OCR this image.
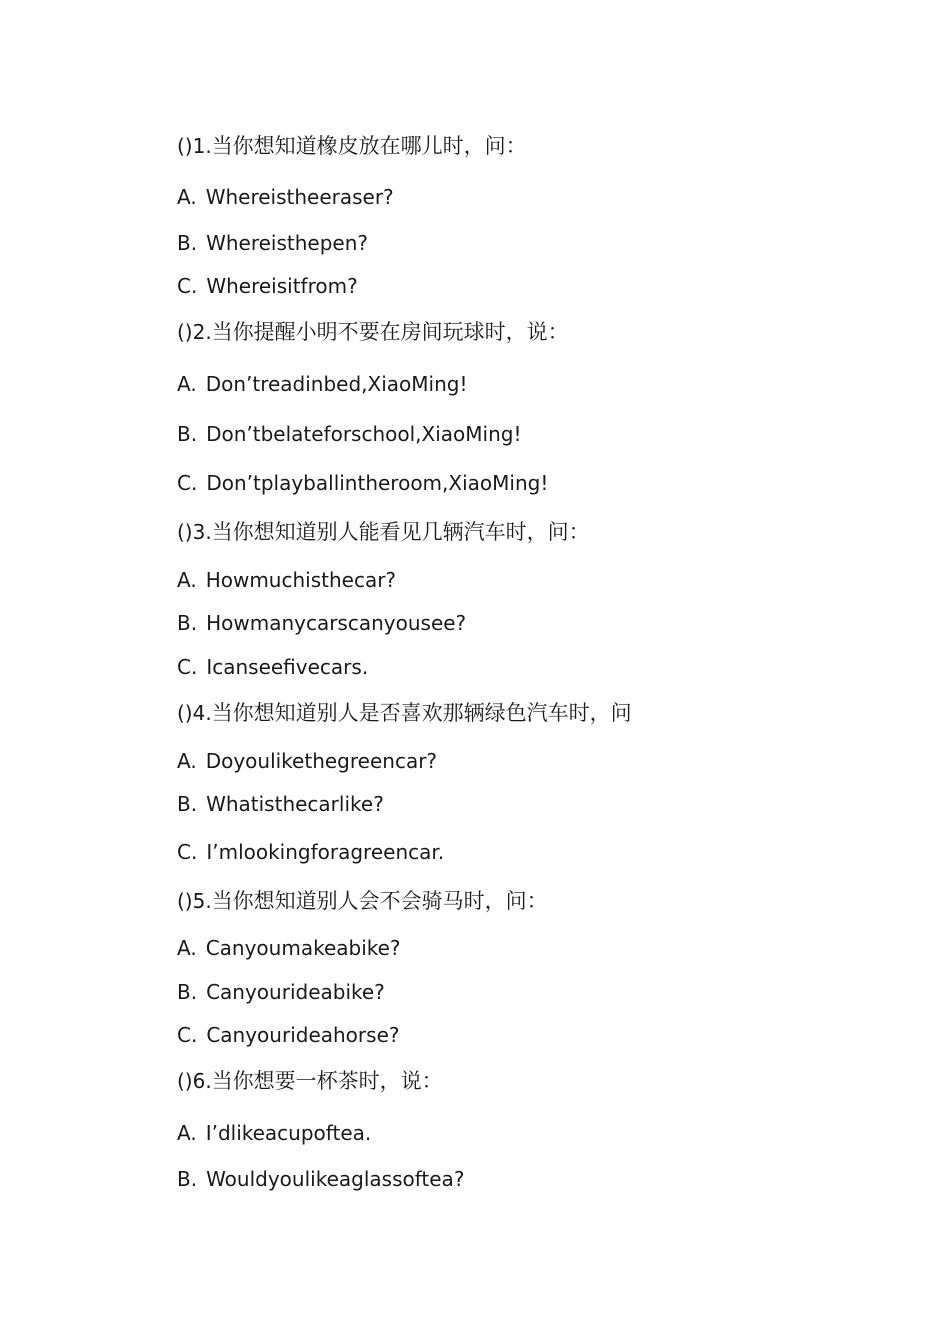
()1.当你想知道橡皮放在哪儿时，问：
A. Whereistheeraser?
B. Whereisthepen?
C. Whereisitfrom?
()2.当你提醒小明不要在房间玩球时，说：
A. Don’treadinbed,XiaoMing!
B. Don’tbelateforschool,XiaoMing!
C. Don’tplayballintheroom,XiaoMing!
()3.当你想知道别人能看见几辆汽车时，问：
A. Howmuchisthecar?
B. Howmanycarscanyousee?
C. Icanseefivecars.
()4.当你想知道别人是否喜欢那辆绿色汽车时，问
A. Doyoulikethegreencar?
B. Whatisthecarlike?
C. I’mlookingforagreencar.
()5.当你想知道别人会不会骑马时，问：
A. Canyoumakeabike?
B. Canyourideabike?
C. Canyourideahorse?
()6.当你想要一杯茶时，说：
A. I’dlikeacupoftea.
B. Wouldyoulikeaglassoftea?
